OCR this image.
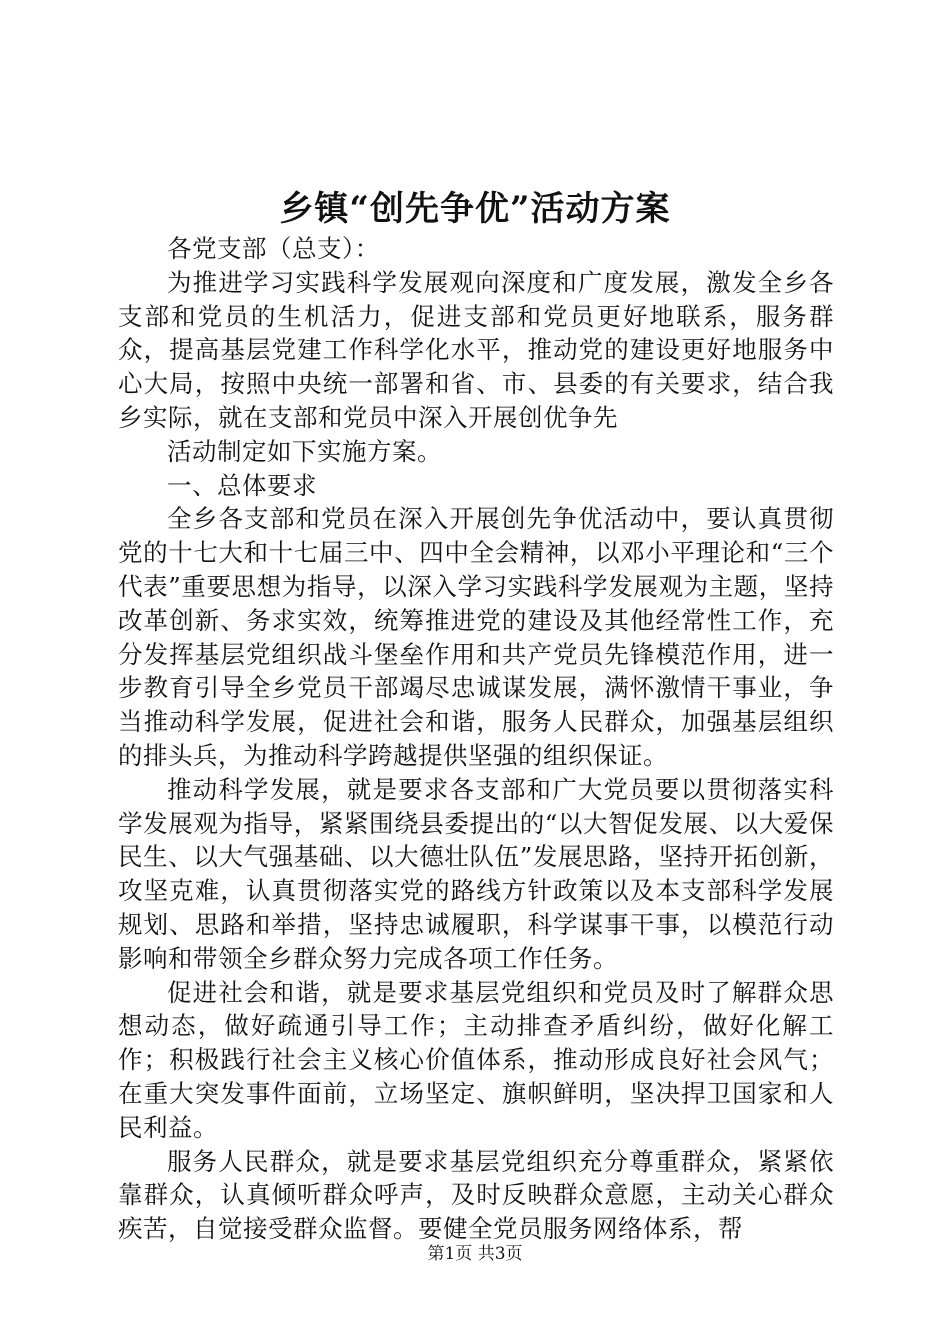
乡镇“创先争优”活动方案

各党支部（总支）：

为推进学习实践科学发展观向深度和广度发展，激发全乡各支部和党员的生机活力，促进支部和党员更好地联系，服务群众，提高基层党建工作科学化水平，推动党的建设更好地服务中心大局，按照中央统一部署和省、市、县委的有关要求，结合我乡实际，就在支部和党员中深入开展创优争先

活动制定如下实施方案。

一、总体要求

全乡各支部和党员在深入开展创先争优活动中，要认真贯彻党的十七大和十七届三中、四中全会精神，以邓小平理论和“三个代表”重要思想为指导，以深入学习实践科学发展观为主题，坚持改革创新、务求实效，统筹推进党的建设及其他经常性工作，充分发挥基层党组织战斗堡垒作用和共产党员先锋模范作用，进一步教育引导全乡党员干部竭尽忠诚谋发展，满怀激情干事业，争当推动科学发展，促进社会和谐，服务人民群众，加强基层组织的排头兵，为推动科学跨越提供坚强的组织保证。

推动科学发展，就是要求各支部和广大党员要以贯彻落实科学发展观为指导，紧紧围绕县委提出的“以大智促发展、以大爱保民生、以大气强基础、以大德壮队伍”发展思路，坚持开拓创新，攻坚克难，认真贯彻落实党的路线方针政策以及本支部科学发展规划、思路和举措，坚持忠诚履职，科学谋事干事，以模范行动影响和带领全乡群众努力完成各项工作任务。

促进社会和谐，就是要求基层党组织和党员及时了解群众思想动态，做好疏通引导工作；主动排查矛盾纠纷，做好化解工作；积极践行社会主义核心价值体系，推动形成良好社会风气；在重大突发事件面前，立场坚定、旗帜鲜明，坚决捍卫国家和人民利益。

服务人民群众，就是要求基层党组织充分尊重群众，紧紧依靠群众，认真倾听群众呼声，及时反映群众意愿，主动关心群众疾苦，自觉接受群众监督。要健全党员服务网络体系，帮

第1页 共3页
